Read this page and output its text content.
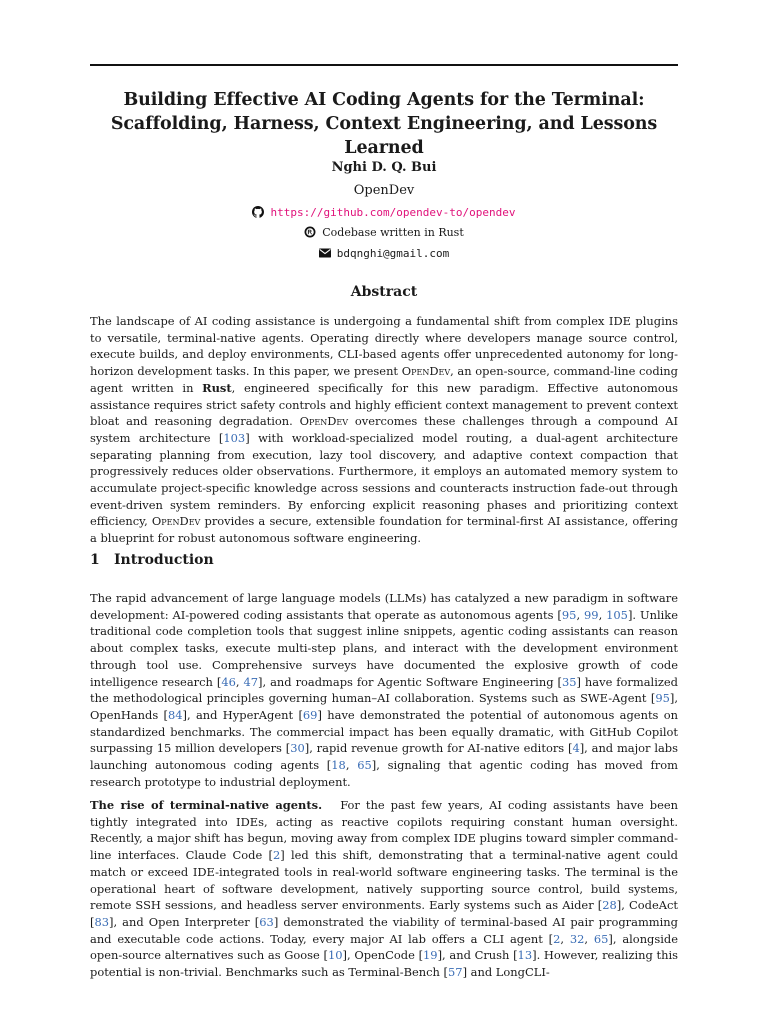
Building Effective AI Coding Agents for the Terminal:
Scaffolding, Harness, Context Engineering, and Lessons Learned
Nghi D. Q. Bui
OpenDev
https://github.com/opendev-to/opendev
Codebase written in Rust
bdqnghi@gmail.com
Abstract

The landscape of AI coding assistance is undergoing a fundamental shift from complex IDE plugins to versatile, terminal-native agents. Operating directly where developers manage source control, execute builds, and deploy environments, CLI-based agents offer unprecedented autonomy for long-horizon development tasks. In this paper, we present OpenDev, an open-source, command-line coding agent written in Rust, engineered specifically for this new paradigm. Effective autonomous assistance requires strict safety controls and highly efficient context management to prevent context bloat and reasoning degradation. OpenDev overcomes these challenges through a compound AI system architecture [103] with workload-specialized model routing, a dual-agent architecture separating planning from execution, lazy tool discovery, and adaptive context compaction that progressively reduces older observations. Furthermore, it employs an automated memory system to accumulate project-specific knowledge across sessions and counteracts instruction fade-out through event-driven system reminders. By enforcing explicit reasoning phases and prioritizing context efficiency, OpenDev provides a secure, extensible foundation for terminal-first AI assistance, offering a blueprint for robust autonomous software engineering.

1 Introduction

The rapid advancement of large language models (LLMs) has catalyzed a new paradigm in software development: AI-powered coding assistants that operate as autonomous agents [95, 99, 105]. Unlike traditional code completion tools that suggest inline snippets, agentic coding assistants can reason about complex tasks, execute multi-step plans, and interact with the development environment through tool use. Comprehensive surveys have documented the explosive growth of code intelligence research [46, 47], and roadmaps for Agentic Software Engineering [35] have formalized the methodological principles governing human–AI collaboration. Systems such as SWE-Agent [95], OpenHands [84], and HyperAgent [69] have demonstrated the potential of autonomous agents on standardized benchmarks. The commercial impact has been equally dramatic, with GitHub Copilot surpassing 15 million developers [30], rapid revenue growth for AI-native editors [4], and major labs launching autonomous coding agents [18, 65], signaling that agentic coding has moved from research prototype to industrial deployment.

The rise of terminal-native agents. For the past few years, AI coding assistants have been tightly integrated into IDEs, acting as reactive copilots requiring constant human oversight. Recently, a major shift has begun, moving away from complex IDE plugins toward simpler command-line interfaces. Claude Code [2] led this shift, demonstrating that a terminal-native agent could match or exceed IDE-integrated tools in real-world software engineering tasks. The terminal is the operational heart of software development, natively supporting source control, build systems, remote SSH sessions, and headless server environments. Early systems such as Aider [28], CodeAct [83], and Open Interpreter [63] demonstrated the viability of terminal-based AI pair programming and executable code actions. Today, every major AI lab offers a CLI agent [2, 32, 65], alongside open-source alternatives such as Goose [10], OpenCode [19], and Crush [13]. However, realizing this potential is non-trivial. Benchmarks such as Terminal-Bench [57] and LongCLI-
